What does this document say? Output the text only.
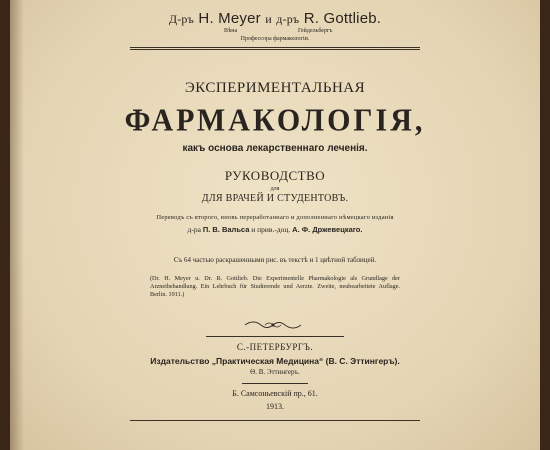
Д-ръ H. Meyer и д-ръ R. Gottlieb.
Вѣна	Гейдельбергъ
Профессора фармакологіи.
ЭКСПЕРИМЕНТАЛЬНАЯ
ФАРМАКОЛОГІЯ,
какъ основа лекарственнаго леченія.
РУКОВОДСТВО
для
ДЛЯ ВРАЧЕЙ И СТУДЕНТОВЪ.
Переводъ съ второго, вновь переработаннаго и дополненнаго нѣмецкаго изданія
д-ра П. В. Вальса и прив.-доц. А. Ф. Држевецкаго.
Съ 64 частью раскрашенными рис. въ текстѣ и 1 цвѣтной таблицей.
(Dr. H. Meyer u. Dr. R. Gottlieb. Die Experimentelle Pharmakologie als Grundlage der Arzneibehandlung. Ein Lehrbuch für Studierende und Aerzte. Zweite, neubearbeitete Auflage. Berlin. 1911.)
С.-ПЕТЕРБУРГЪ.
Издательство „Практическая Медицина“ (В. С. Эттингеръ).
Ѳ. В. Эттингеръ.
Б. Самсоньевскій пр., 61.
1913.
